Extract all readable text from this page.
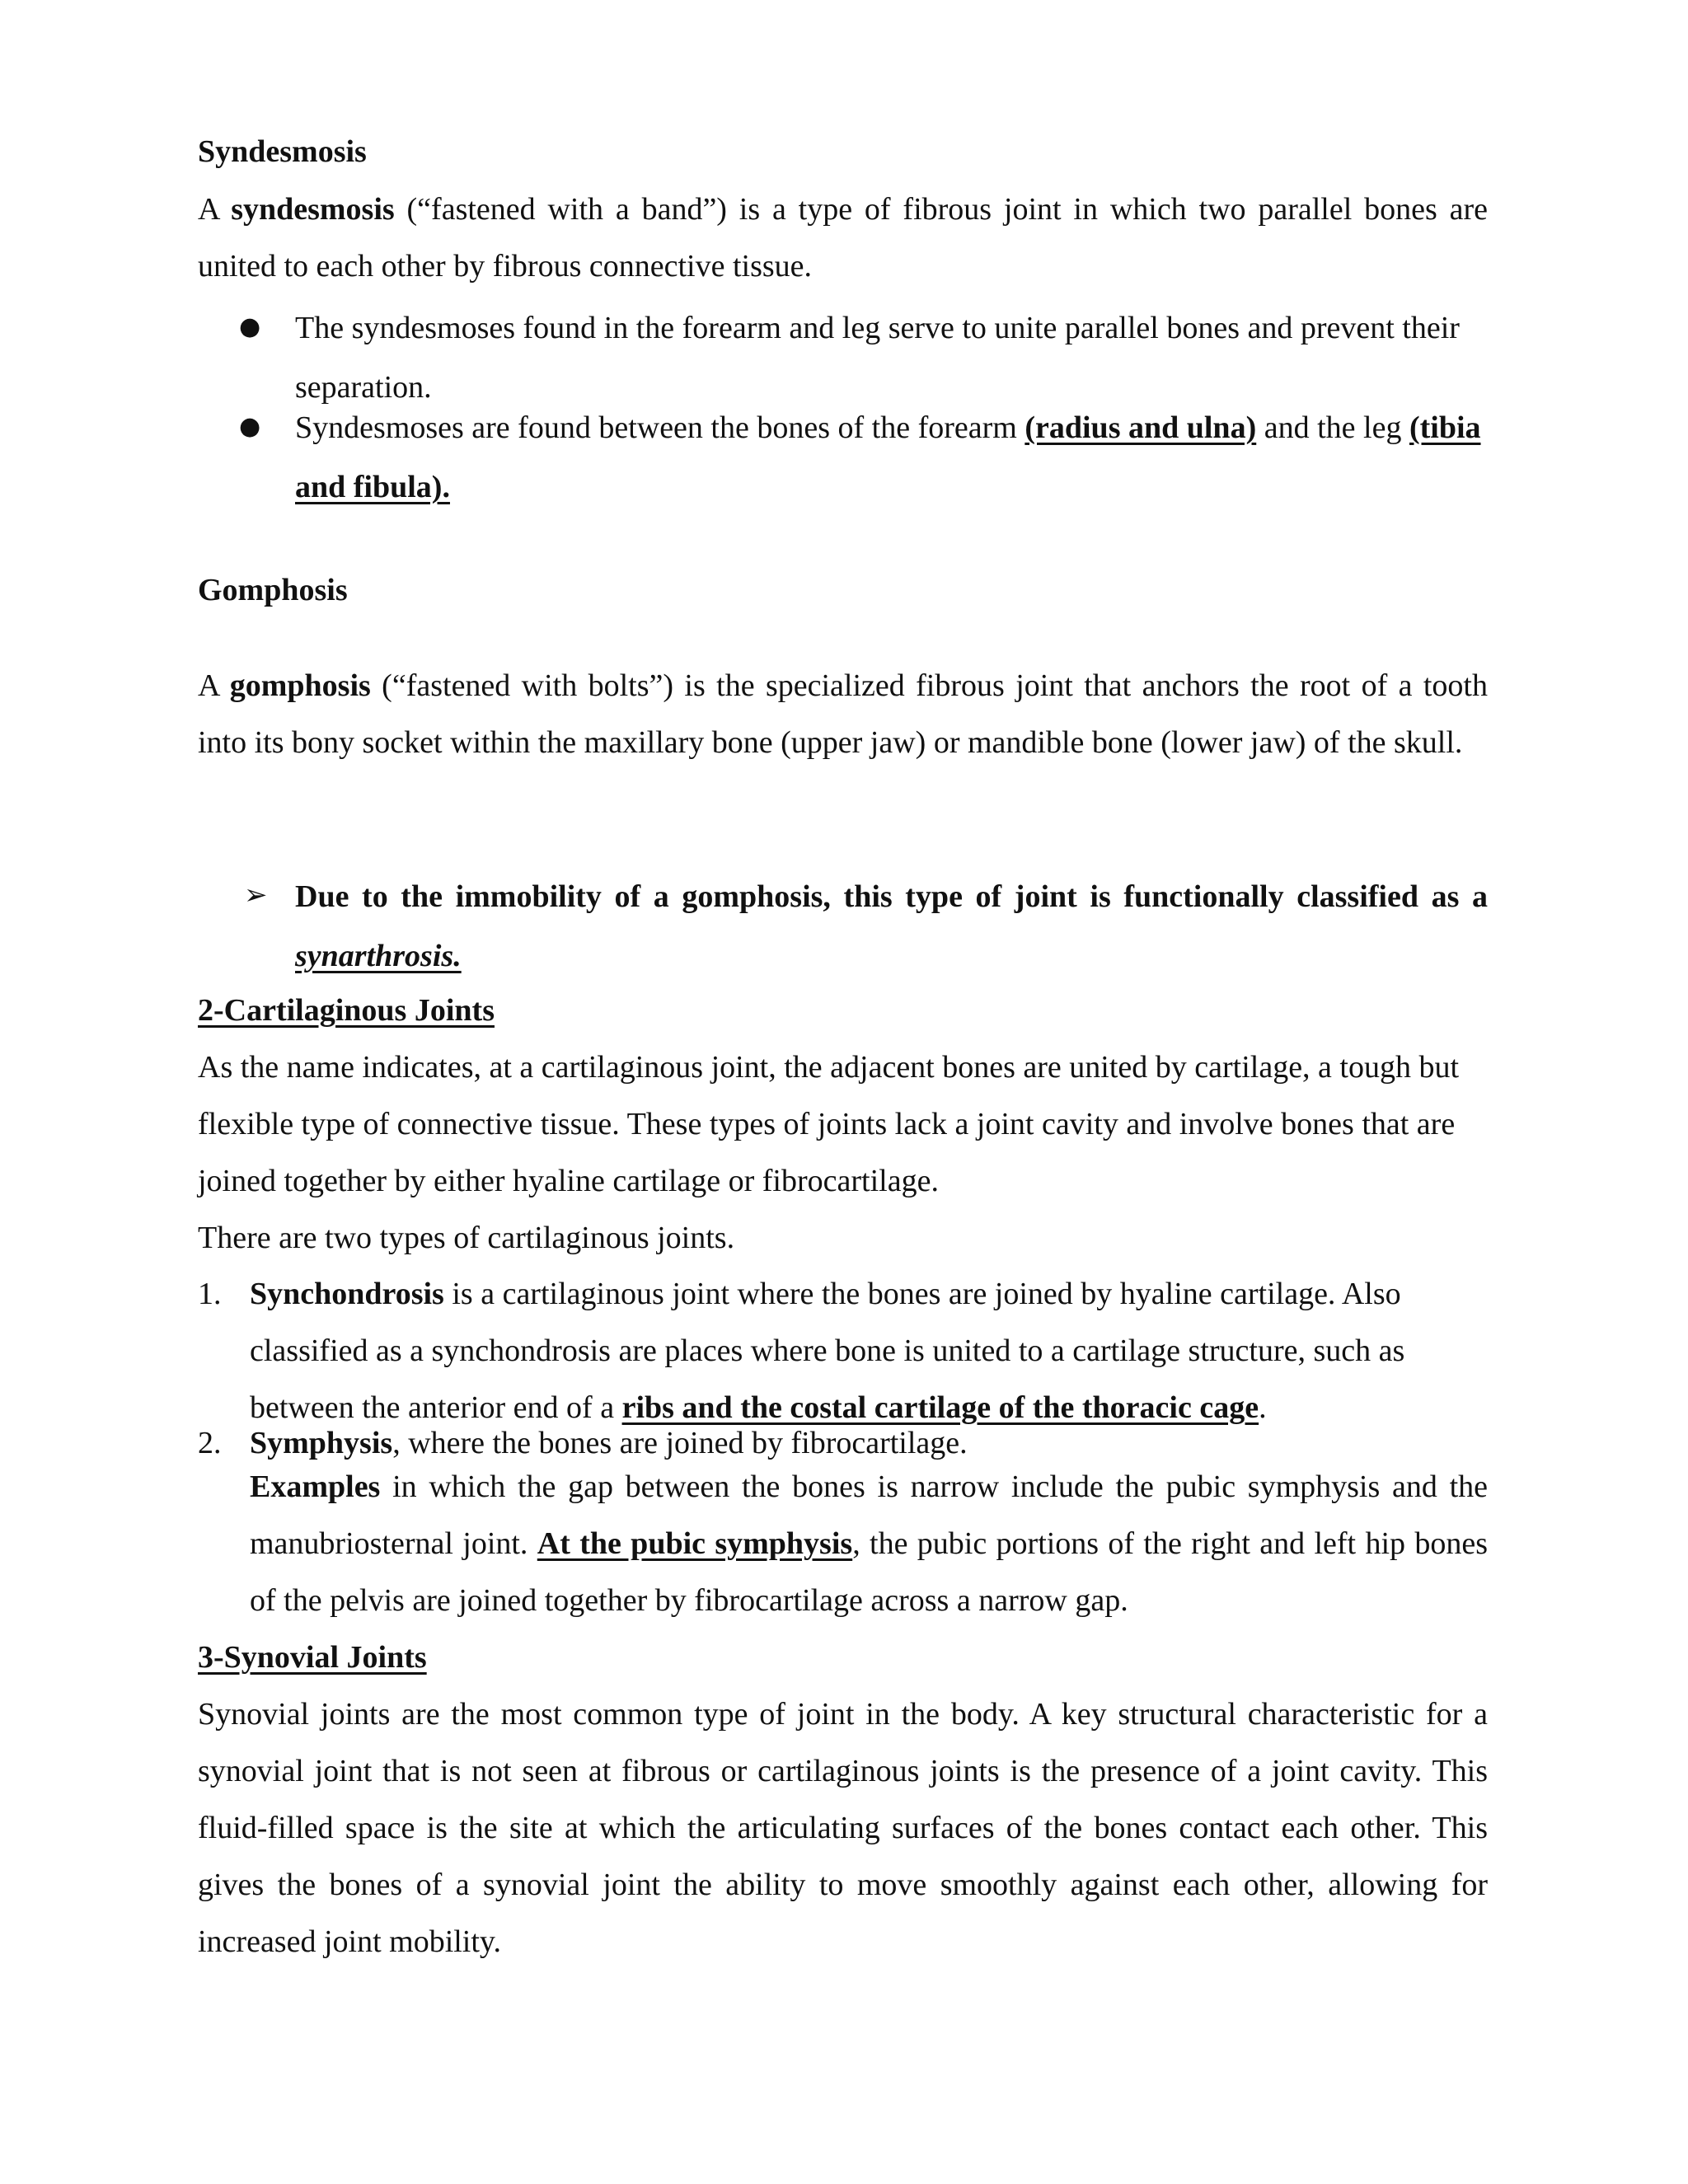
Syndesmosis

A syndesmosis (“fastened with a band”) is a type of fibrous joint in which two parallel bones are united to each other by fibrous connective tissue.

● The syndesmoses found in the forearm and leg serve to unite parallel bones and prevent their separation.

● Syndesmoses are found between the bones of the forearm (radius and ulna) and the leg (tibia and fibula).

Gomphosis

A gomphosis (“fastened with bolts”) is the specialized fibrous joint that anchors the root of a tooth into its bony socket within the maxillary bone (upper jaw) or mandible bone (lower jaw) of the skull.

➢ Due to the immobility of a gomphosis, this type of joint is functionally classified as a synarthrosis.

2-Cartilaginous Joints

As the name indicates, at a cartilaginous joint, the adjacent bones are united by cartilage, a tough but flexible type of connective tissue. These types of joints lack a joint cavity and involve bones that are joined together by either hyaline cartilage or fibrocartilage.

There are two types of cartilaginous joints.

1. Synchondrosis is a cartilaginous joint where the bones are joined by hyaline cartilage. Also classified as a synchondrosis are places where bone is united to a cartilage structure, such as between the anterior end of a ribs and the costal cartilage of the thoracic cage.

2. Symphysis, where the bones are joined by fibrocartilage.

Examples in which the gap between the bones is narrow include the pubic symphysis and the manubriosternal joint. At the pubic symphysis, the pubic portions of the right and left hip bones of the pelvis are joined together by fibrocartilage across a narrow gap.

3-Synovial Joints

Synovial joints are the most common type of joint in the body. A key structural characteristic for a synovial joint that is not seen at fibrous or cartilaginous joints is the presence of a joint cavity. This fluid-filled space is the site at which the articulating surfaces of the bones contact each other. This gives the bones of a synovial joint the ability to move smoothly against each other, allowing for increased joint mobility.
